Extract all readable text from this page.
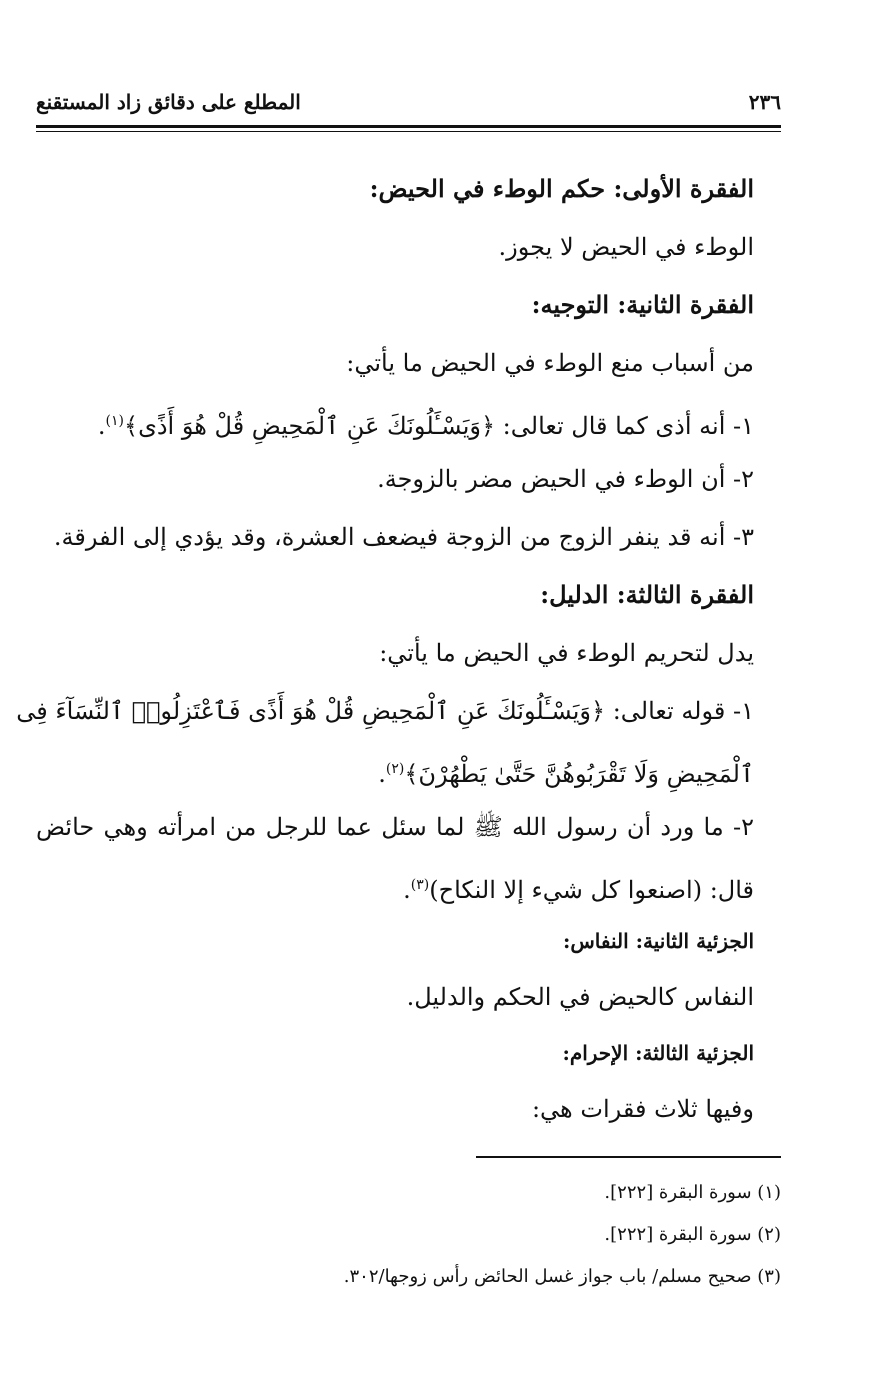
٢٣٦
المطلع على دقائق زاد المستقنع
الفقرة الأولى: حكم الوطء في الحيض:
الوطء في الحيض لا يجوز.
الفقرة الثانية: التوجيه:
من أسباب منع الوطء في الحيض ما يأتي:
١- أنه أذى كما قال تعالى: ﴿وَيَسْـَٔلُونَكَ عَنِ ٱلْمَحِيضِ قُلْ هُوَ أَذًى﴾$^{(١)}$.
٢- أن الوطء في الحيض مضر بالزوجة.
٣- أنه قد ينفر الزوج من الزوجة فيضعف العشرة، وقد يؤدي إلى الفرقة.
الفقرة الثالثة: الدليل:
يدل لتحريم الوطء في الحيض ما يأتي:
١- قوله تعالى: ﴿وَيَسْـَٔلُونَكَ عَنِ ٱلْمَحِيضِ قُلْ هُوَ أَذًى فَٱعْتَزِلُوا۟ ٱلنِّسَآءَ فِى
ٱلْمَحِيضِ وَلَا تَقْرَبُوهُنَّ حَتَّىٰ يَطْهُرْنَ﴾$^{(٢)}$.
٢- ما ورد أن رسول الله ﷺ لما سئل عما للرجل من امرأته وهي حائض
قال: (اصنعوا كل شيء إلا النكاح)$^{(٣)}$.
الجزئية الثانية: النفاس:
النفاس كالحيض في الحكم والدليل.
الجزئية الثالثة: الإحرام:
وفيها ثلاث فقرات هي:
(١) سورة البقرة [٢٢٢].
(٢) سورة البقرة [٢٢٢].
(٣) صحيح مسلم/ باب جواز غسل الحائض رأس زوجها/٣٠٢.
